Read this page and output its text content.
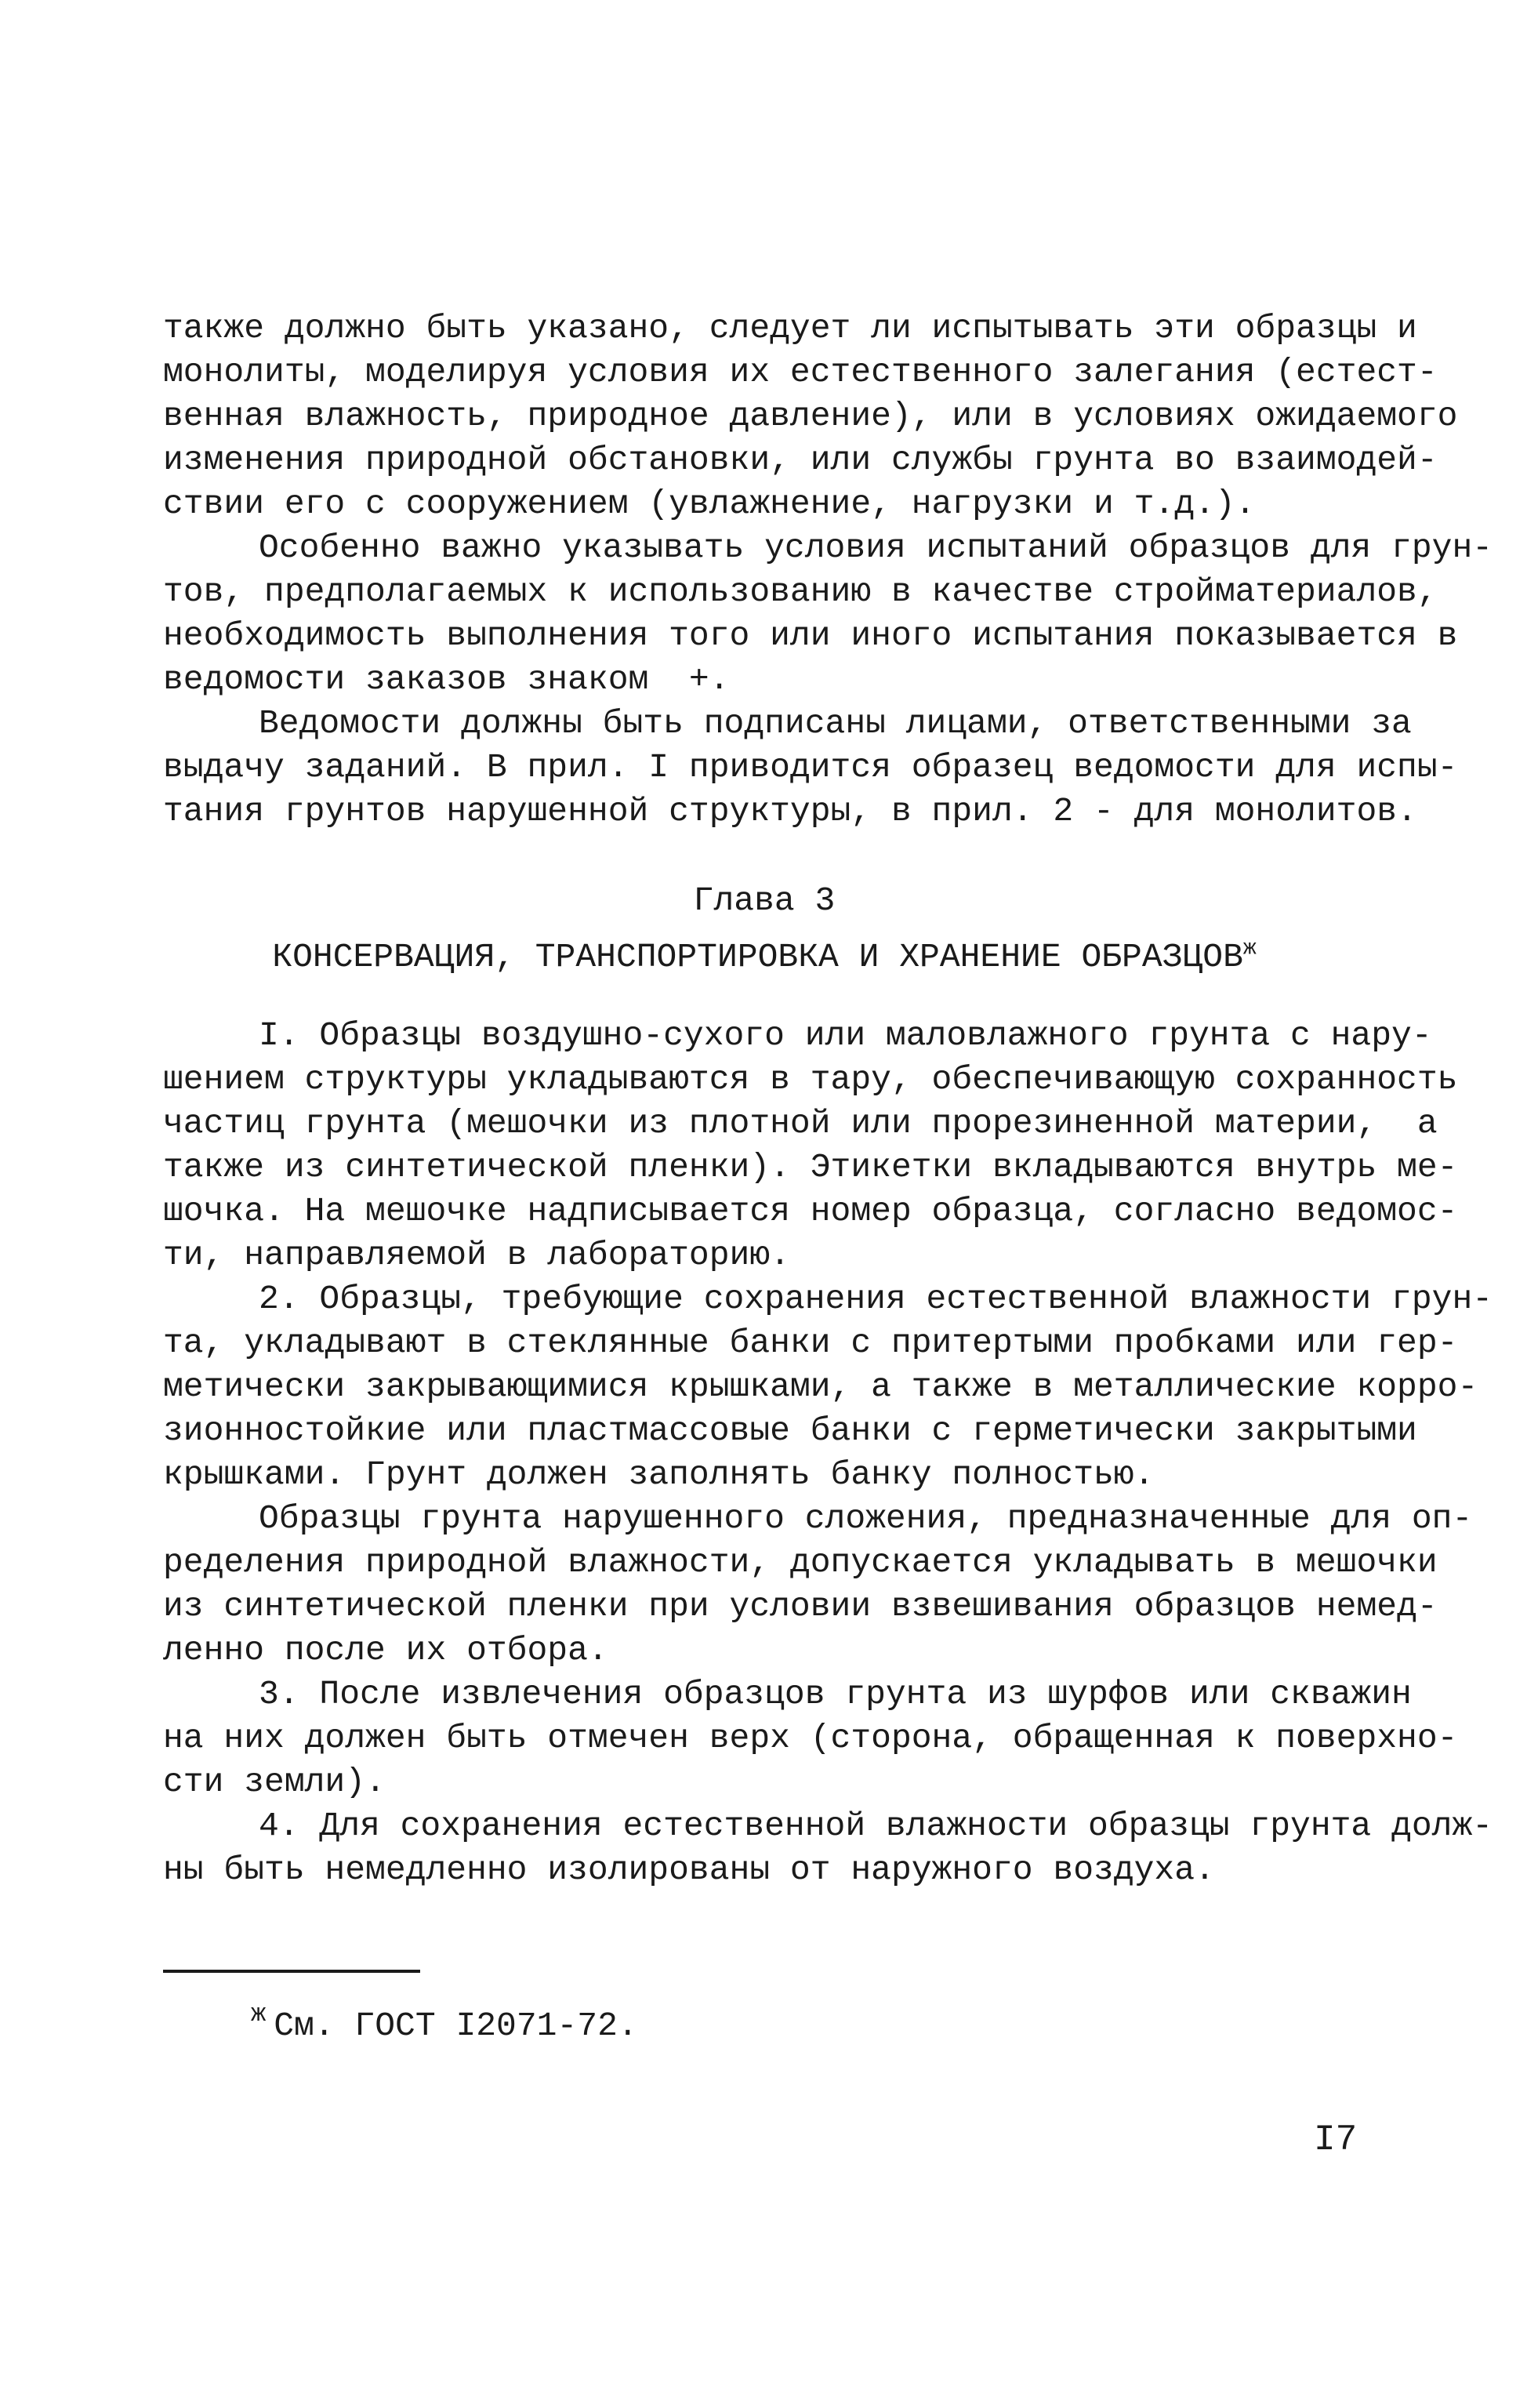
также должно быть указано, следует ли испытывать эти образцы и
монолиты, моделируя условия их естественного залегания (естест-
венная влажность, природное давление), или в условиях ожидаемого
изменения природной обстановки, или службы грунта во взаимодей-
ствии его с сооружением (увлажнение, нагрузки и т.д.).
Особенно важно указывать условия испытаний образцов для грун-
тов, предполагаемых к использованию в качестве стройматериалов,
необходимость выполнения того или иного испытания показывается в
ведомости заказов знаком  +.
Ведомости должны быть подписаны лицами, ответственными за
выдачу заданий. В прил. I приводится образец ведомости для испы-
тания грунтов нарушенной структуры, в прил. 2 - для монолитов.
Глава 3
КОНСЕРВАЦИЯ, ТРАНСПОРТИРОВКА И ХРАНЕНИЕ $ОБРАЗЦОВ^ж$
I. Образцы воздушно-сухого или маловлажного грунта с нару-
шением структуры укладываются в тару, обеспечивающую сохранность
частиц грунта (мешочки из плотной или прорезиненной материи,  а
также из синтетической пленки). Этикетки вкладываются внутрь ме-
шочка. На мешочке надписывается номер образца, согласно ведомос-
ти, направляемой в лабораторию.
2. Образцы, требующие сохранения естественной влажности грун-
та, укладывают в стеклянные банки с притертыми пробками или гер-
метически закрывающимися крышками, а также в металлические корро-
зионностойкие или пластмассовые банки с герметически закрытыми
крышками. Грунт должен заполнять банку полностью.
Образцы грунта нарушенного сложения, предназначенные для оп-
ределения природной влажности, допускается укладывать в мешочки
из синтетической пленки при условии взвешивания образцов немед-
ленно после их отбора.
3. После извлечения образцов грунта из шурфов или скважин
на них должен быть отмечен верх (сторона, обращенная к поверхно-
сти земли).
4. Для сохранения естественной влажности образцы грунта долж-
ны быть немедленно изолированы от наружного воздуха.
$^ж$ См. ГОСТ I2071-72.
I7
